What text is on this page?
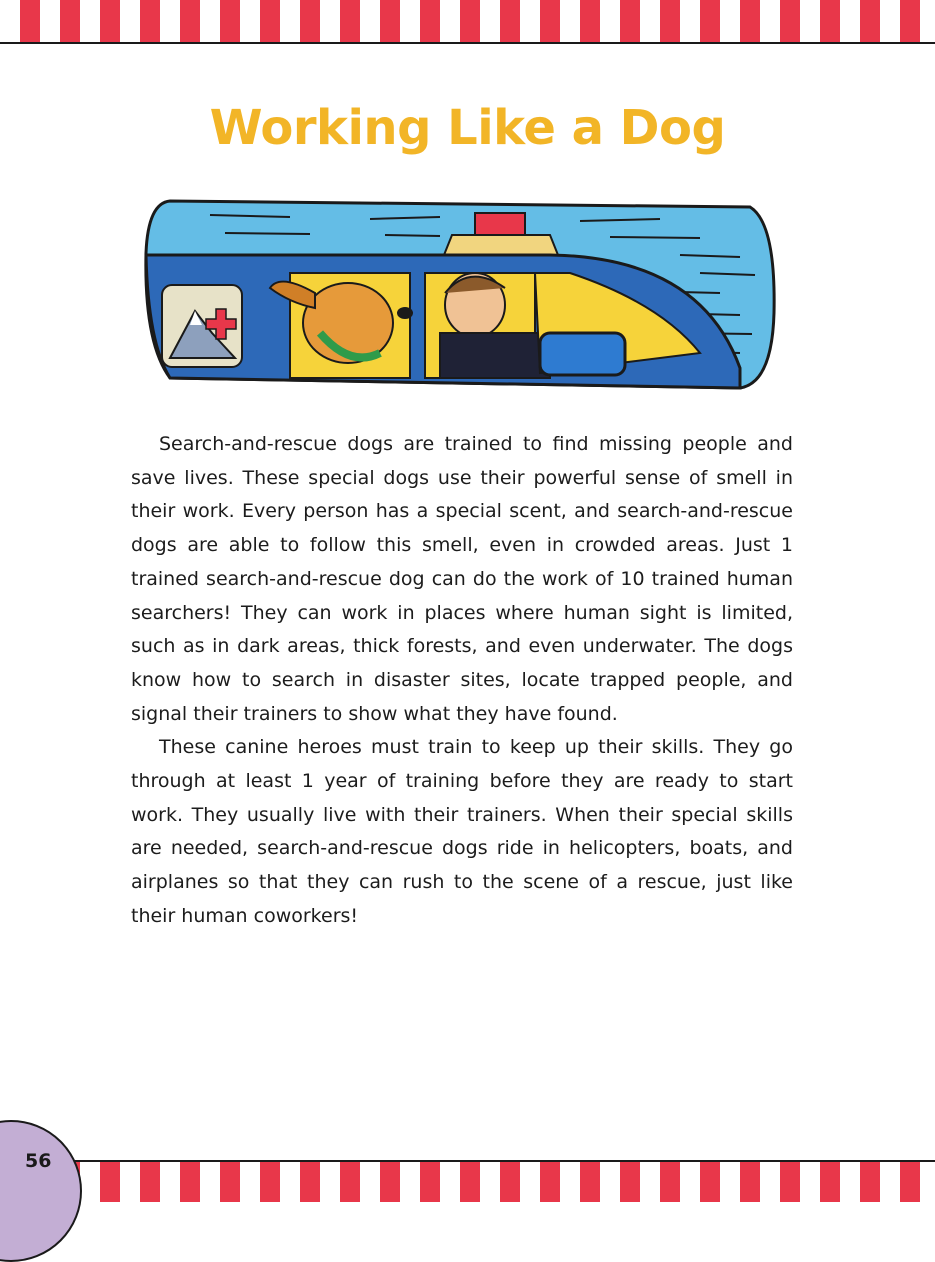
Working Like a Dog

Search-and-rescue dogs are trained to find missing people and save lives. These special dogs use their powerful sense of smell in their work. Every person has a special scent, and search-and-rescue dogs are able to follow this smell, even in crowded areas. Just 1 trained search-and-rescue dog can do the work of 10 trained human searchers! They can work in places where human sight is limited, such as in dark areas, thick forests, and even underwater. The dogs know how to search in disaster sites, locate trapped people, and signal their trainers to show what they have found.

These canine heroes must train to keep up their skills. They go through at least 1 year of training before they are ready to start work. They usually live with their trainers. When their special skills are needed, search-and-rescue dogs ride in helicopters, boats, and airplanes so that they can rush to the scene of a rescue, just like their human coworkers!

56
